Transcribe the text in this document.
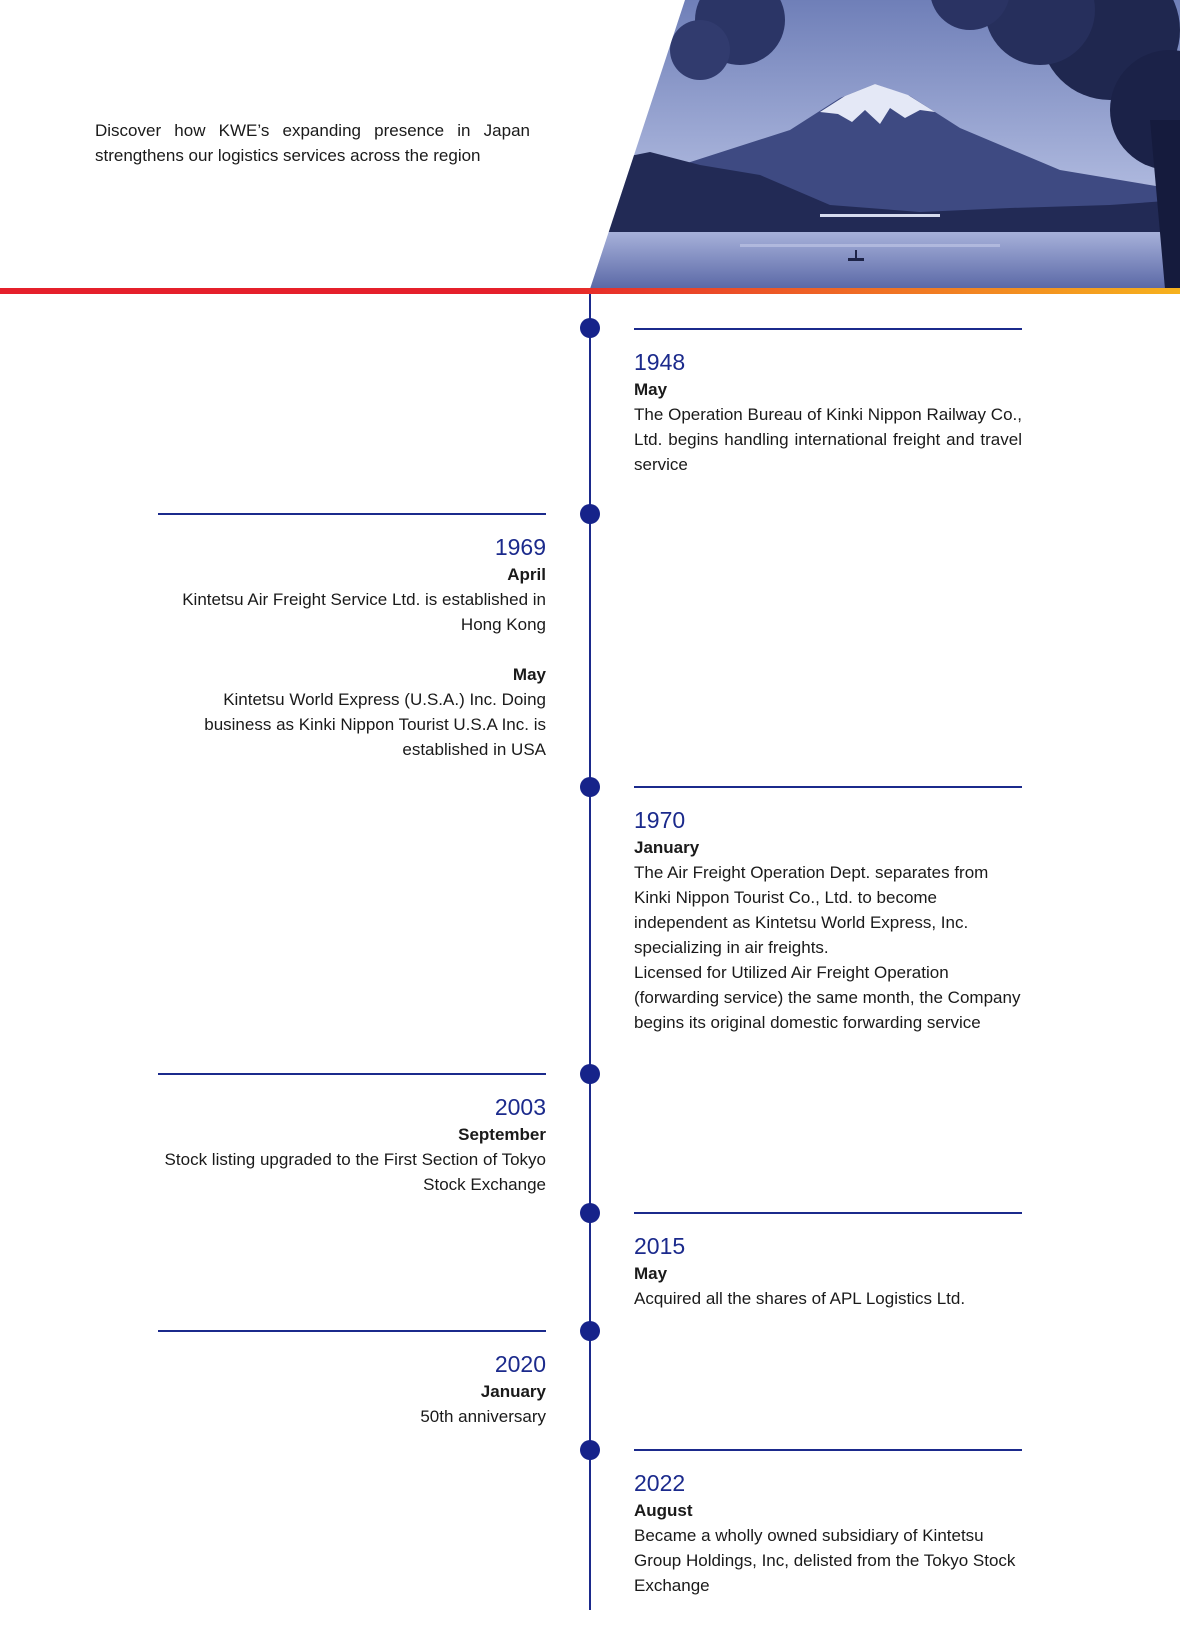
Discover how KWE’s expanding presence in Japan strengthens our logistics services across the region
1948
May
The Operation Bureau of Kinki Nippon Railway Co., Ltd. begins handling international freight and travel service
1969
April
Kintetsu Air Freight Service Ltd. is established in Hong Kong
May
Kintetsu World Express (U.S.A.) Inc. Doing business as Kinki Nippon Tourist U.S.A Inc. is established in USA
1970
January
The Air Freight Operation Dept. separates from Kinki Nippon Tourist Co., Ltd. to become independent as Kintetsu World Express, Inc. specializing in air freights.
Licensed for Utilized Air Freight Operation (forwarding service) the same month, the Company begins its original domestic forwarding service
2003
September
Stock listing upgraded to the First Section of Tokyo Stock Exchange
2015
May
Acquired all the shares of APL Logistics Ltd.
2020
January
50th anniversary
2022
August
Became a wholly owned subsidiary of Kintetsu Group Holdings, Inc, delisted from the Tokyo Stock Exchange
